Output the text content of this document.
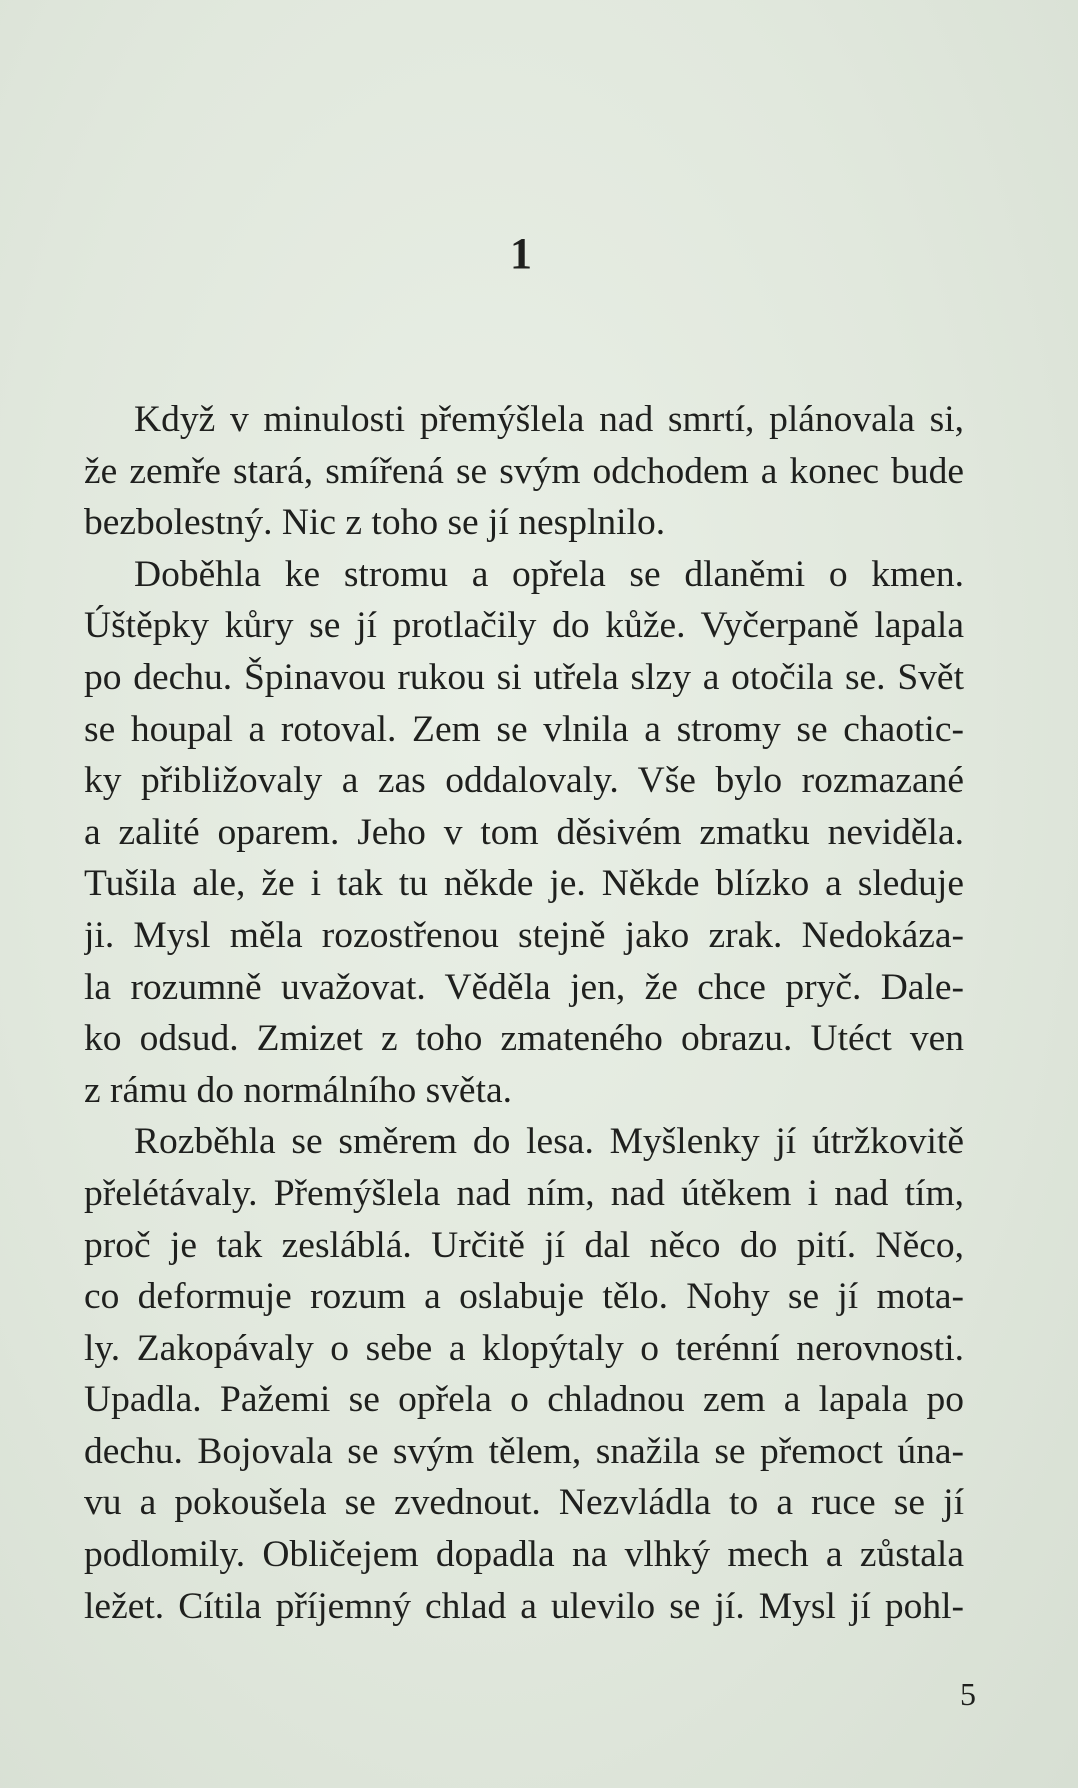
1
Když v minulosti přemýšlela nad smrtí, plánovala si,
že zemře stará, smířená se svým odchodem a konec bude
bezbolestný. Nic z toho se jí nesplnilo.
Doběhla ke stromu a opřela se dlaněmi o kmen.
Úštěpky kůry se jí protlačily do kůže. Vyčerpaně lapala
po dechu. Špinavou rukou si utřela slzy a otočila se. Svět
se houpal a rotoval. Zem se vlnila a stromy se chaotic-
ky přibližovaly a zas oddalovaly. Vše bylo rozmazané
a zalité oparem. Jeho v tom děsivém zmatku neviděla.
Tušila ale, že i tak tu někde je. Někde blízko a sleduje
ji. Mysl měla rozostřenou stejně jako zrak. Nedokáza-
la rozumně uvažovat. Věděla jen, že chce pryč. Dale-
ko odsud. Zmizet z toho zmateného obrazu. Utéct ven
z rámu do normálního světa.
Rozběhla se směrem do lesa. Myšlenky jí útržkovitě
přelétávaly. Přemýšlela nad ním, nad útěkem i nad tím,
proč je tak zesláblá. Určitě jí dal něco do pití. Něco,
co deformuje rozum a oslabuje tělo. Nohy se jí mota-
ly. Zakopávaly o sebe a klopýtaly o terénní nerovnosti.
Upadla. Pažemi se opřela o chladnou zem a lapala po
dechu. Bojovala se svým tělem, snažila se přemoct úna-
vu a pokoušela se zvednout. Nezvládla to a ruce se jí
podlomily. Obličejem dopadla na vlhký mech a zůstala
ležet. Cítila příjemný chlad a ulevilo se jí. Mysl jí pohl-
5
